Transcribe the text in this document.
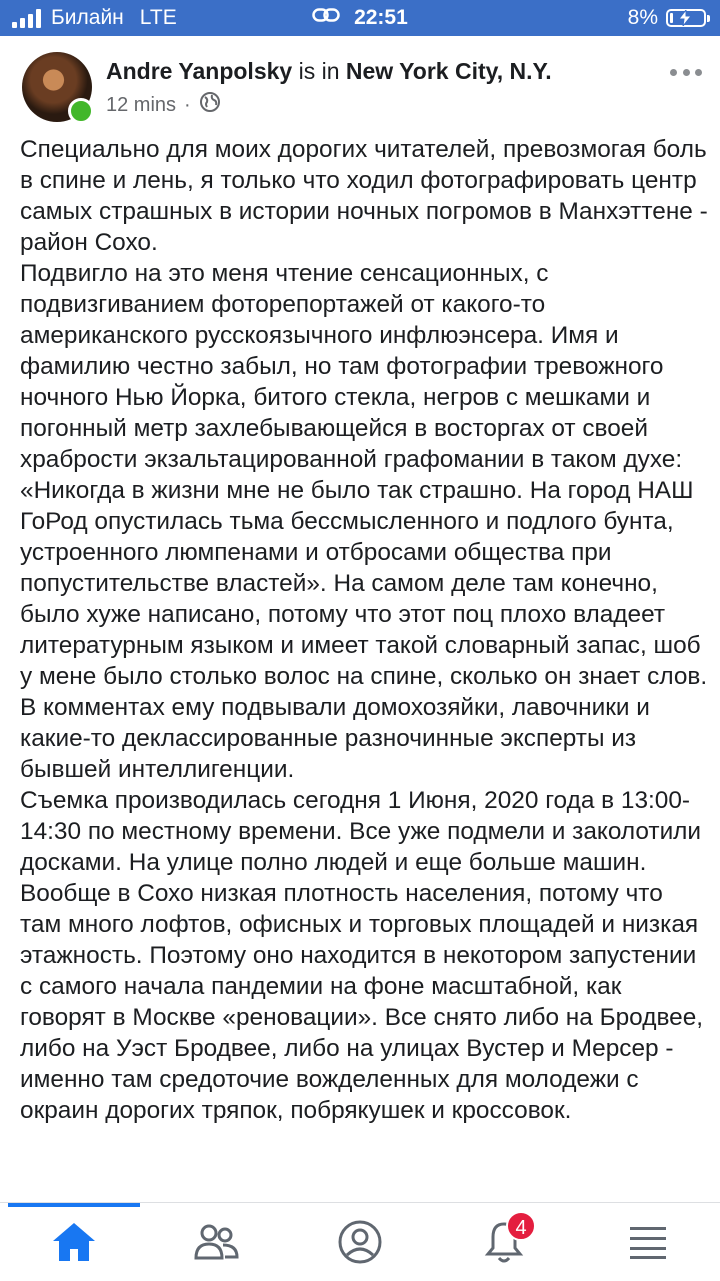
Билайн LTE	22:51	8%
Andre Yanpolsky is in New York City, N.Y.
12 mins ·
Специально для моих дорогих читателей, превозмогая боль в спине и лень, я только что ходил фотографировать центр самых страшных в истории ночных погромов в Манхэттене - район Сохо.
Подвигло на это меня чтение сенсационных, с подвизгиванием фоторепортажей от какого-то американского русскоязычного инфлюэнсера. Имя и фамилию честно забыл, но там фотографии тревожного ночного Нью Йорка, битого стекла, негров с мешками и погонный метр захлебывающейся в восторгах от своей храбрости экзальтацированной графомании в таком духе: «Никогда в жизни мне не было так страшно. На город НАШ ГоРод опустилась тьма бессмысленного и подлого бунта, устроенного люмпенами и отбросами общества при попустительстве властей». На самом деле там конечно, было хуже написано, потому что этот поц плохо владеет литературным языком и имеет такой словарный запас, шоб у мене было столько волос на спине, сколько он знает слов.
В комментах ему подвывали домохозяйки, лавочники и какие-то деклассированные разночинные эксперты из бывшей интеллигенции.
Съемка производилась сегодня 1 Июня, 2020 года в 13:00-14:30 по местному времени. Все уже подмели и заколотили досками. На улице полно людей и еще больше машин. Вообще в Сохо низкая плотность населения, потому что там много лофтов, офисных и торговых площадей и низкая этажность. Поэтому оно находится в некотором запустении с самого начала пандемии на фоне масштабной, как говорят в Москве «реновации». Все снято либо на Бродвее, либо на Уэст Бродвее, либо на улицах Вустер и Мерсер - именно там средоточие вожделенных для молодежи с окраин дорогих тряпок, побрякушек и кроссовок.
4
